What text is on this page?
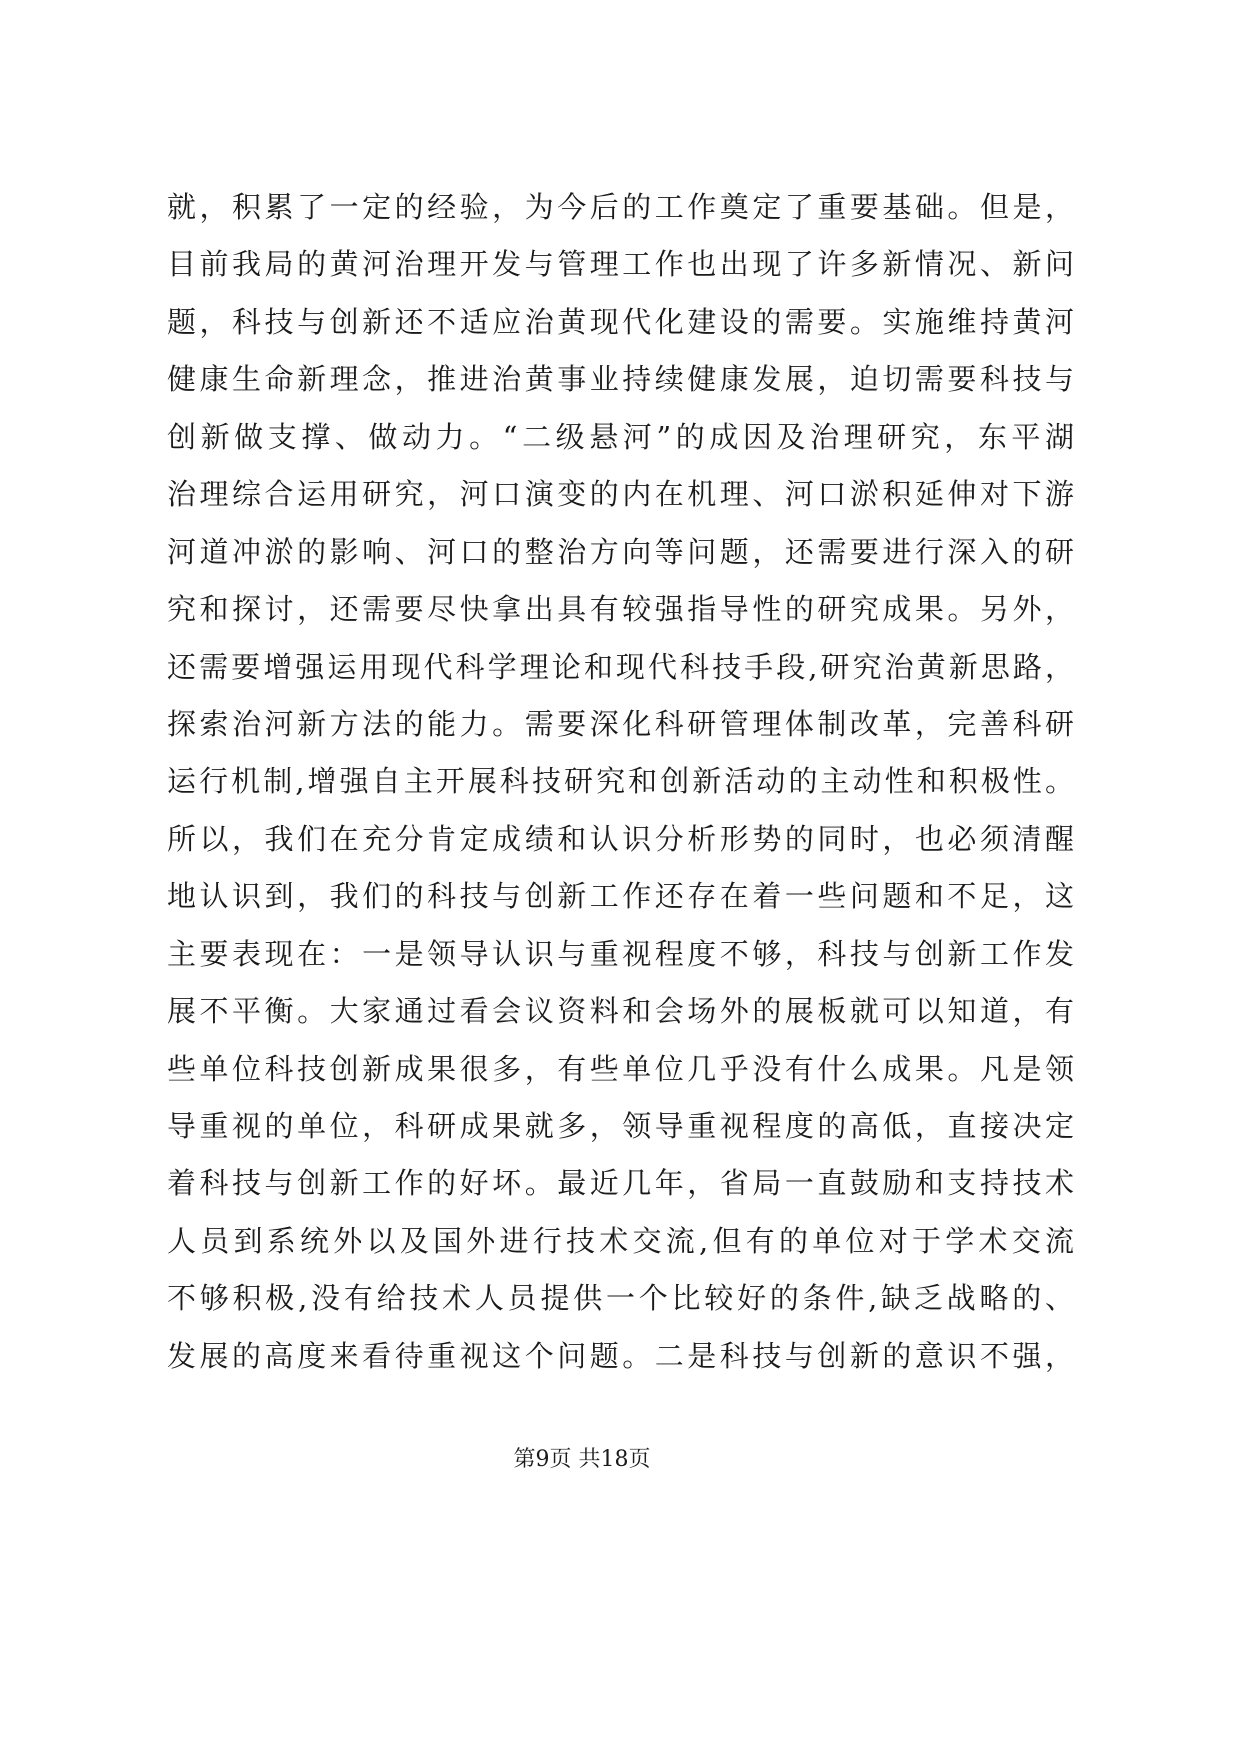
就，积累了一定的经验，为今后的工作奠定了重要基础。但是，
目前我局的黄河治理开发与管理工作也出现了许多新情况、新问
题，科技与创新还不适应治黄现代化建设的需要。实施维持黄河
健康生命新理念，推进治黄事业持续健康发展，迫切需要科技与
创新做支撑、做动力。“二级悬河”的成因及治理研究，东平湖
治理综合运用研究，河口演变的内在机理、河口淤积延伸对下游
河道冲淤的影响、河口的整治方向等问题，还需要进行深入的研
究和探讨，还需要尽快拿出具有较强指导性的研究成果。另外，
还需要增强运用现代科学理论和现代科技手段,研究治黄新思路，
探索治河新方法的能力。需要深化科研管理体制改革，完善科研
运行机制,增强自主开展科技研究和创新活动的主动性和积极性。
所以，我们在充分肯定成绩和认识分析形势的同时，也必须清醒
地认识到，我们的科技与创新工作还存在着一些问题和不足，这
主要表现在：一是领导认识与重视程度不够，科技与创新工作发
展不平衡。大家通过看会议资料和会场外的展板就可以知道，有
些单位科技创新成果很多，有些单位几乎没有什么成果。凡是领
导重视的单位，科研成果就多，领导重视程度的高低，直接决定
着科技与创新工作的好坏。最近几年，省局一直鼓励和支持技术
人员到系统外以及国外进行技术交流,但有的单位对于学术交流
不够积极,没有给技术人员提供一个比较好的条件,缺乏战略的、
发展的高度来看待重视这个问题。二是科技与创新的意识不强，
第9页 共18页
